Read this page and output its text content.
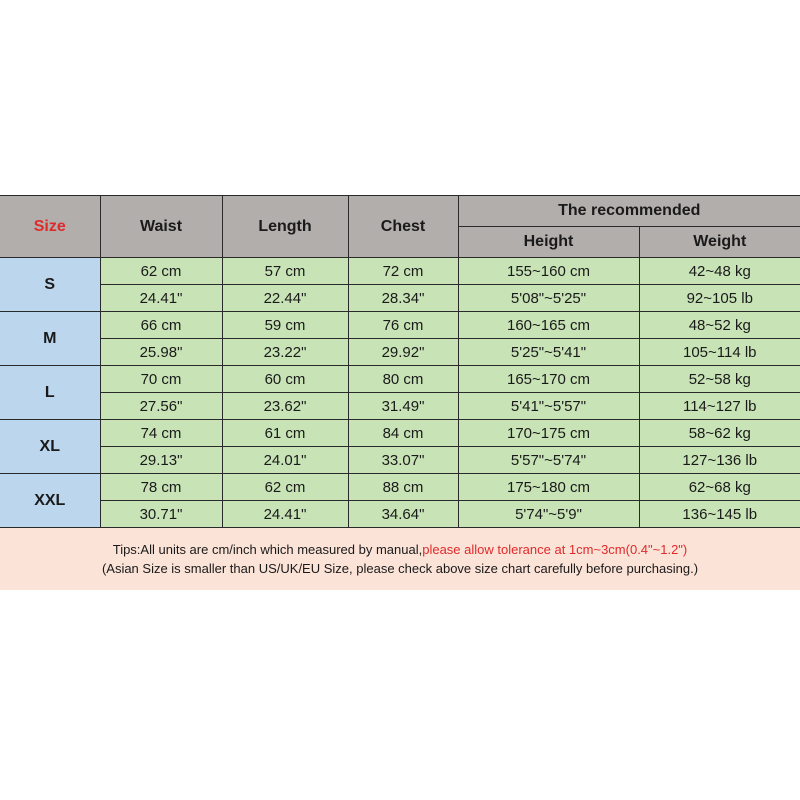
Size	Waist	Length	Chest	The recommended	
				Height	Weight
S	62 cm	57 cm	72 cm	155~160 cm	42~48 kg
	24.41"	22.44"	28.34"	5'08"~5'25"	92~105 lb
M	66 cm	59 cm	76 cm	160~165 cm	48~52 kg
	25.98"	23.22"	29.92"	5'25"~5'41"	105~114 lb
L	70 cm	60 cm	80 cm	165~170 cm	52~58 kg
	27.56"	23.62"	31.49"	5'41"~5'57"	114~127 lb
XL	74 cm	61 cm	84 cm	170~175 cm	58~62 kg
	29.13"	24.01"	33.07"	5'57"~5'74"	127~136 lb
XXL	78 cm	62 cm	88 cm	175~180 cm	62~68 kg
	30.71"	24.41"	34.64"	5'74"~5'9"	136~145 lb
Tips:All units are cm/inch which measured by manual,please allow tolerance at 1cm~3cm(0.4"~1.2")
(Asian Size is smaller than US/UK/EU Size, please check above size chart carefully before purchasing.)
